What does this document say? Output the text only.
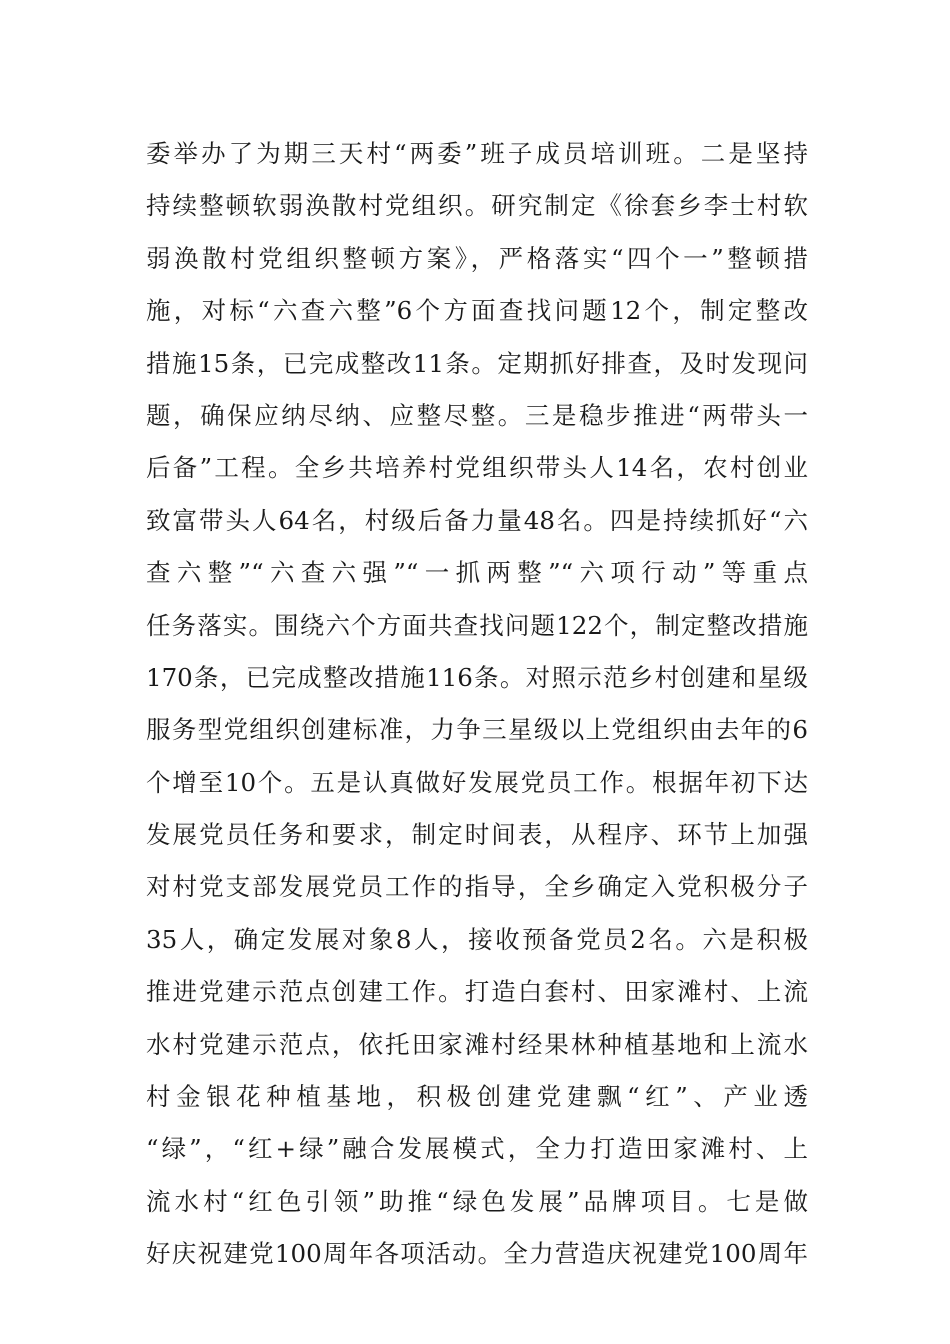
委举办了为期三天村“两委”班子成员培训班。二是坚持
持续整顿软弱涣散村党组织。研究制定《徐套乡李士村软
弱涣散村党组织整顿方案》，严格落实“四个一”整顿措
施，对标“六查六整”6个方面查找问题12个，制定整改
措施15条，已完成整改11条。定期抓好排查，及时发现问
题，确保应纳尽纳、应整尽整。三是稳步推进“两带头一
后备”工程。全乡共培养村党组织带头人14名，农村创业
致富带头人64名，村级后备力量48名。四是持续抓好“六
查六整”“六查六强”“一抓两整”“六项行动”等重点
任务落实。围绕六个方面共查找问题122个，制定整改措施
170条，已完成整改措施116条。对照示范乡村创建和星级
服务型党组织创建标准，力争三星级以上党组织由去年的6
个增至10个。五是认真做好发展党员工作。根据年初下达
发展党员任务和要求，制定时间表，从程序、环节上加强
对村党支部发展党员工作的指导，全乡确定入党积极分子
35人，确定发展对象8人，接收预备党员2名。六是积极
推进党建示范点创建工作。打造白套村、田家滩村、上流
水村党建示范点，依托田家滩村经果林种植基地和上流水
村金银花种植基地，积极创建党建飘“红”、产业透
“绿”，“红+绿”融合发展模式，全力打造田家滩村、上
流水村“红色引领”助推“绿色发展”品牌项目。七是做
好庆祝建党100周年各项活动。全力营造庆祝建党100周年
